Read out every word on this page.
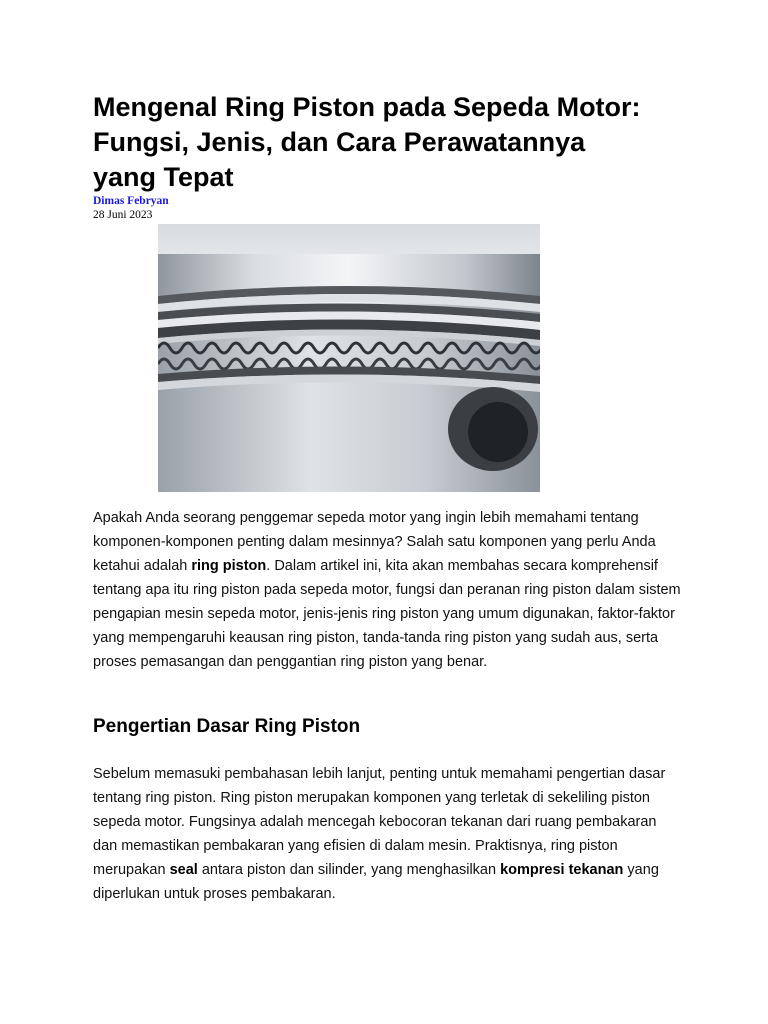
Mengenal Ring Piston pada Sepeda Motor: Fungsi, Jenis, dan Cara Perawatannya yang Tepat
Dimas Febryan
28 Juni 2023

Apakah Anda seorang penggemar sepeda motor yang ingin lebih memahami tentang komponen-komponen penting dalam mesinnya? Salah satu komponen yang perlu Anda ketahui adalah ring piston. Dalam artikel ini, kita akan membahas secara komprehensif tentang apa itu ring piston pada sepeda motor, fungsi dan peranan ring piston dalam sistem pengapian mesin sepeda motor, jenis-jenis ring piston yang umum digunakan, faktor-faktor yang mempengaruhi keausan ring piston, tanda-tanda ring piston yang sudah aus, serta proses pemasangan dan penggantian ring piston yang benar.

Pengertian Dasar Ring Piston

Sebelum memasuki pembahasan lebih lanjut, penting untuk memahami pengertian dasar tentang ring piston. Ring piston merupakan komponen yang terletak di sekeliling piston sepeda motor. Fungsinya adalah mencegah kebocoran tekanan dari ruang pembakaran dan memastikan pembakaran yang efisien di dalam mesin. Praktisnya, ring piston merupakan seal antara piston dan silinder, yang menghasilkan kompresi tekanan yang diperlukan untuk proses pembakaran.
